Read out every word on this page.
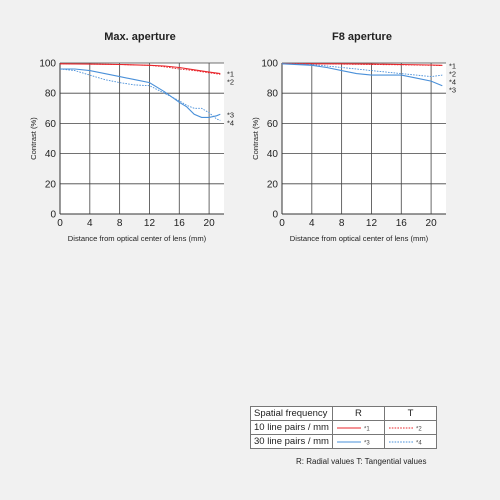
Max. aperture
0 4 8 12 16 20
0
20
40
60
80
100
Distance from optical center of lens (mm)
Contrast (%)
*1
*2
*3
*4
F8 aperture
0 4 8 12 16 20
0
20
40
60
80
100
Distance from optical center of lens (mm)
Contrast (%)
*2
*1
*4
*3
Spatial frequency	R	T
10 line pairs / mm	*1	*2

30 line pairs / mm	*3	*4
R: Radial values T: Tangential values
